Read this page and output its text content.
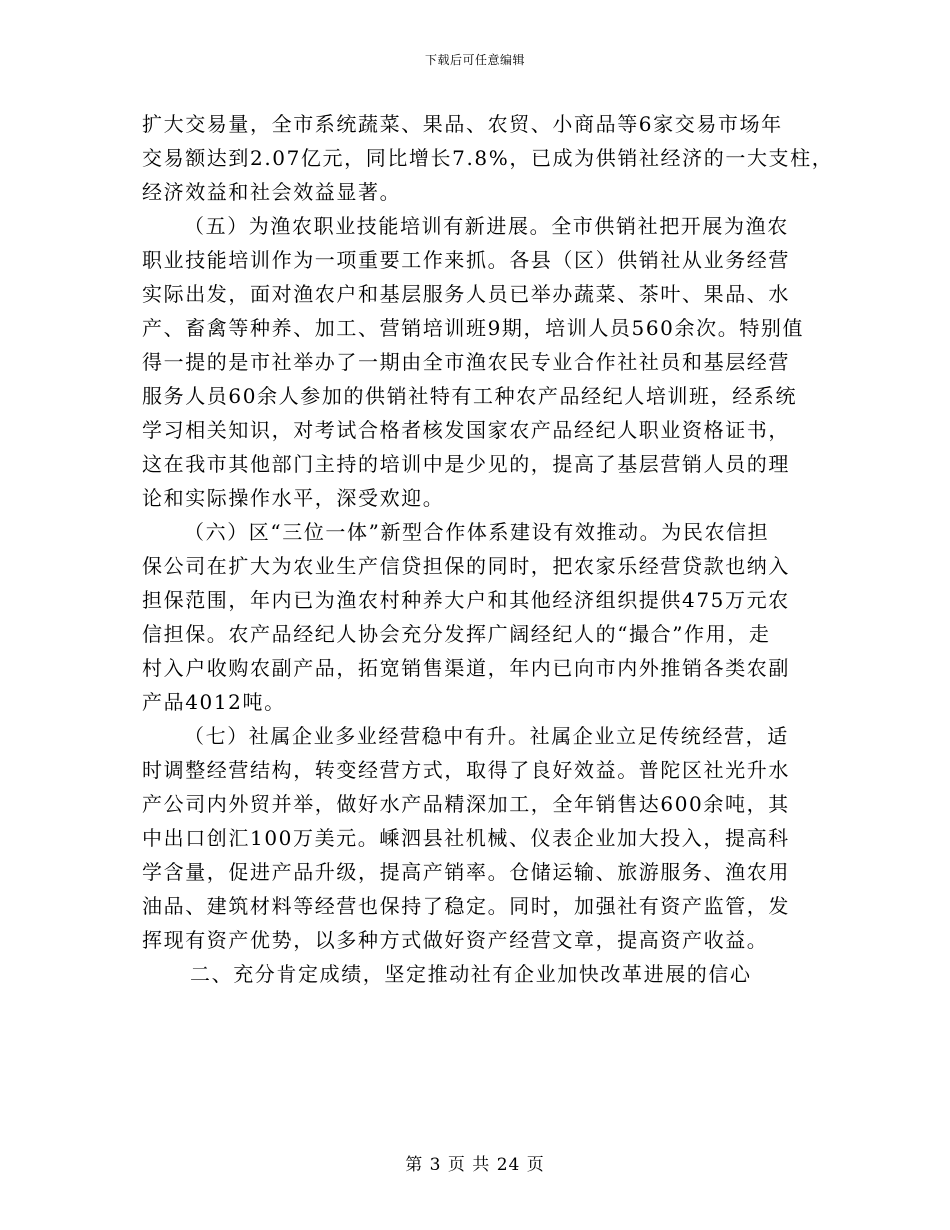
下载后可任意编辑
扩大交易量，全市系统蔬菜、果品、农贸、小商品等6家交易市场年
交易额达到2.07亿元，同比增长7.8%，已成为供销社经济的一大支柱，
经济效益和社会效益显著。
（五）为渔农职业技能培训有新进展。全市供销社把开展为渔农
职业技能培训作为一项重要工作来抓。各县（区）供销社从业务经营
实际出发，面对渔农户和基层服务人员已举办蔬菜、茶叶、果品、水
产、畜禽等种养、加工、营销培训班9期，培训人员560余次。特别值
得一提的是市社举办了一期由全市渔农民专业合作社社员和基层经营
服务人员60余人参加的供销社特有工种农产品经纪人培训班，经系统
学习相关知识，对考试合格者核发国家农产品经纪人职业资格证书，
这在我市其他部门主持的培训中是少见的，提高了基层营销人员的理
论和实际操作水平，深受欢迎。
（六）区“三位一体”新型合作体系建设有效推动。为民农信担
保公司在扩大为农业生产信贷担保的同时，把农家乐经营贷款也纳入
担保范围，年内已为渔农村种养大户和其他经济组织提供475万元农
信担保。农产品经纪人协会充分发挥广阔经纪人的“撮合”作用，走
村入户收购农副产品，拓宽销售渠道，年内已向市内外推销各类农副
产品4012吨。
（七）社属企业多业经营稳中有升。社属企业立足传统经营，适
时调整经营结构，转变经营方式，取得了良好效益。普陀区社光升水
产公司内外贸并举，做好水产品精深加工，全年销售达600余吨，其
中出口创汇100万美元。嵊泗县社机械、仪表企业加大投入，提高科
学含量，促进产品升级，提高产销率。仓储运输、旅游服务、渔农用
油品、建筑材料等经营也保持了稳定。同时，加强社有资产监管，发
挥现有资产优势，以多种方式做好资产经营文章，提高资产收益。
二、充分肯定成绩，坚定推动社有企业加快改革进展的信心
第 3 页 共 24 页
